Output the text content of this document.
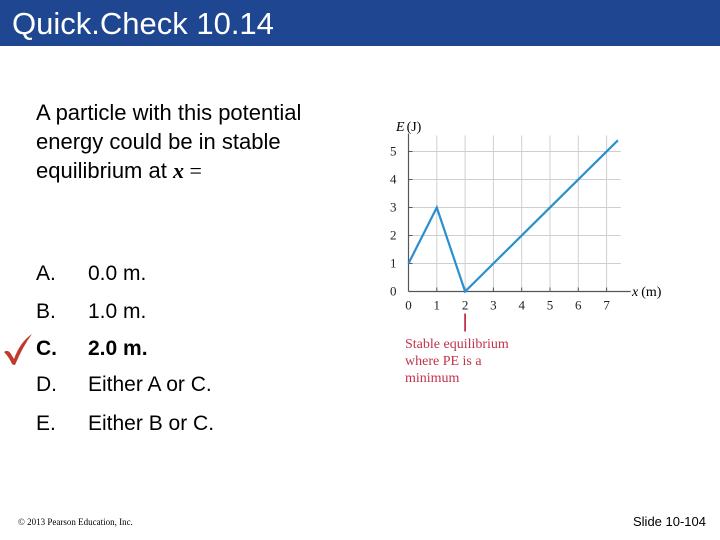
Quick.Check 10.14
A particle with this potential
energy could be in stable
equilibrium at x =
A. 0.0 m.
B. 1.0 m.
C. 2.0 m.
D. Either A or C.
E. Either B or C.
0 1 2 3 4 5 6 7
0
1
2
3
4
5
E (J)
x (m)
Stable equilibrium
where PE is a
minimum
© 2013 Pearson Education, Inc.	Slide 10-104
